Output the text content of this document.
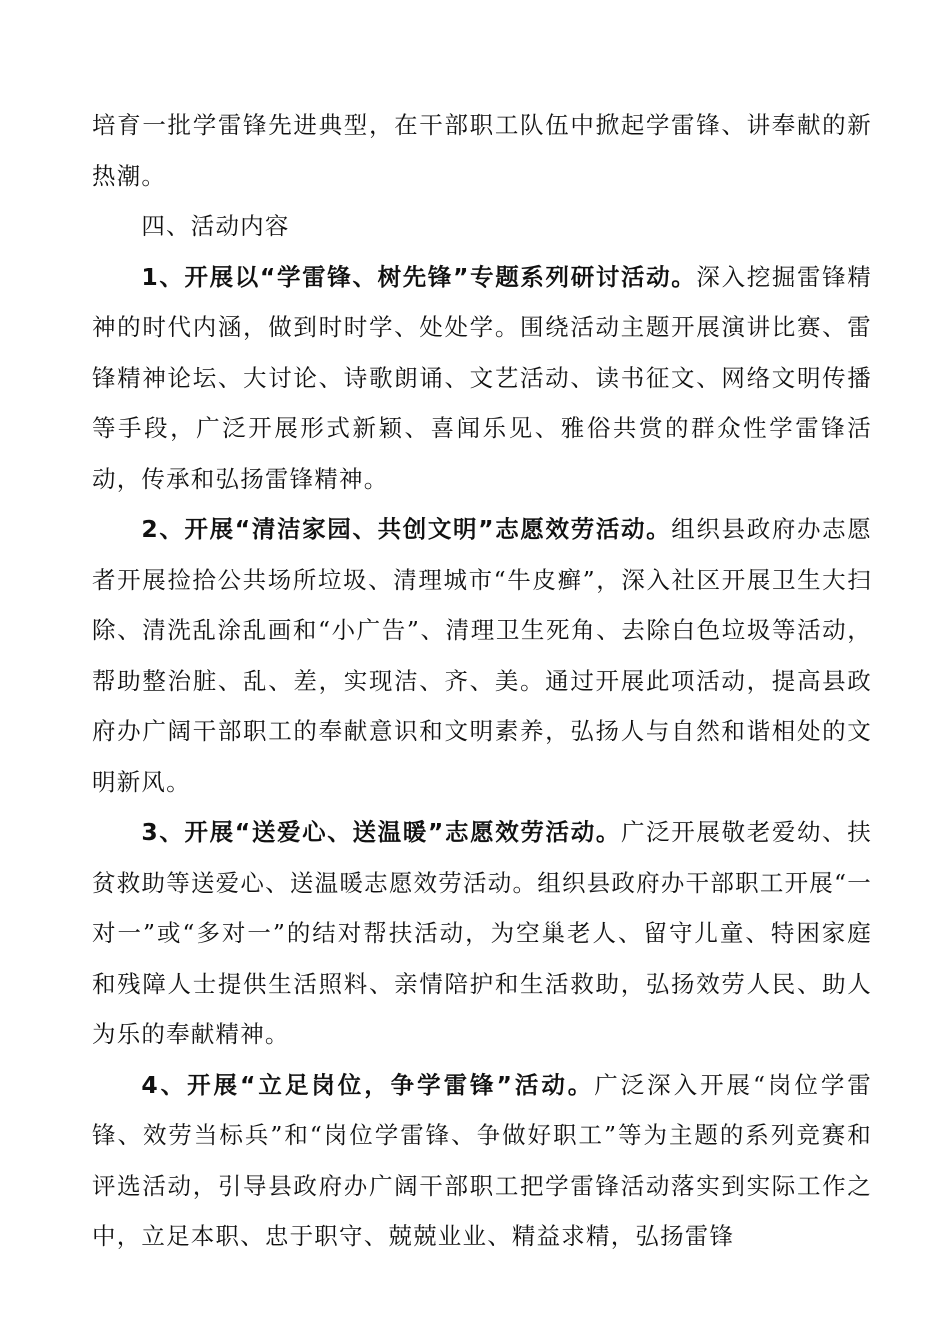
培育一批学雷锋先进典型，在干部职工队伍中掀起学雷锋、讲奉献的新热潮。

四、活动内容

1、开展以“学雷锋、树先锋”专题系列研讨活动。深入挖掘雷锋精神的时代内涵，做到时时学、处处学。围绕活动主题开展演讲比赛、雷锋精神论坛、大讨论、诗歌朗诵、文艺活动、读书征文、网络文明传播等手段，广泛开展形式新颖、喜闻乐见、雅俗共赏的群众性学雷锋活动，传承和弘扬雷锋精神。

2、开展“清洁家园、共创文明”志愿效劳活动。组织县政府办志愿者开展捡拾公共场所垃圾、清理城市“牛皮癣”，深入社区开展卫生大扫除、清洗乱涂乱画和“小广告”、清理卫生死角、去除白色垃圾等活动，帮助整治脏、乱、差，实现洁、齐、美。通过开展此项活动，提高县政府办广阔干部职工的奉献意识和文明素养，弘扬人与自然和谐相处的文明新风。

3、开展“送爱心、送温暖”志愿效劳活动。广泛开展敬老爱幼、扶贫救助等送爱心、送温暖志愿效劳活动。组织县政府办干部职工开展“一对一”或“多对一”的结对帮扶活动，为空巢老人、留守儿童、特困家庭和残障人士提供生活照料、亲情陪护和生活救助，弘扬效劳人民、助人为乐的奉献精神。

4、开展“立足岗位，争学雷锋”活动。广泛深入开展“岗位学雷锋、效劳当标兵”和“岗位学雷锋、争做好职工”等为主题的系列竞赛和评选活动，引导县政府办广阔干部职工把学雷锋活动落实到实际工作之中，立足本职、忠于职守、兢兢业业、精益求精，弘扬雷锋
